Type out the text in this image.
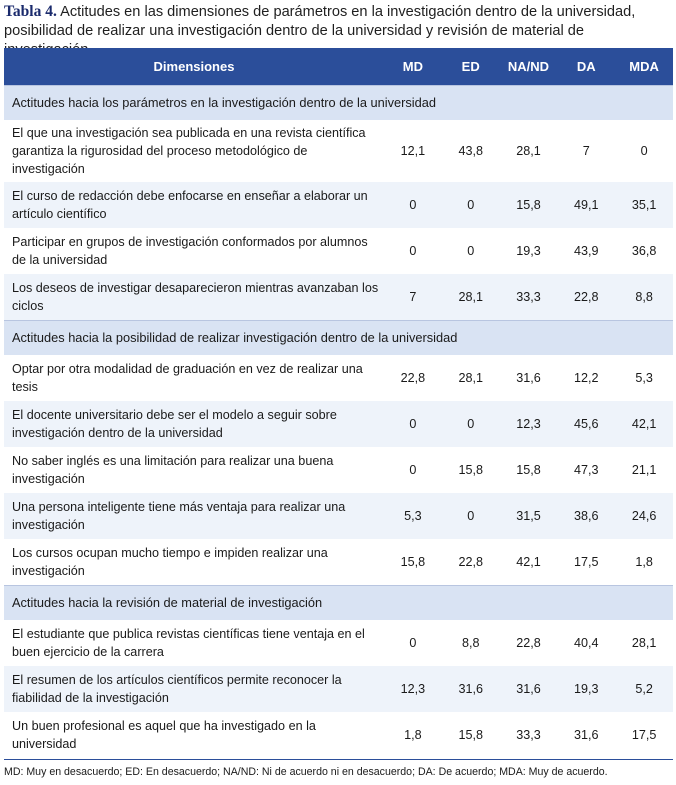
Tabla 4. Actitudes en las dimensiones de parámetros en la investigación dentro de la universidad, posibilidad de realizar una investigación dentro de la universidad y revisión de material de
Dimensiones	MD	ED	NA/ND	DA	MDA
Actitudes hacia los parámetros en la investigación dentro de la universidad					
El que una investigación sea publicada en una revista científica garantiza la rigurosidad del proceso metodológico de investigación	12,1	43,8	28,1	7	0
El curso de redacción debe enfocarse en enseñar a elaborar un artículo científico	0	0	15,8	49,1	35,1
Participar en grupos de investigación conformados por alumnos de la universidad	0	0	19,3	43,9	36,8
Los deseos de investigar desaparecieron mientras avanzaban los ciclos	7	28,1	33,3	22,8	8,8
Actitudes hacia la posibilidad de realizar investigación dentro de la universidad					
Optar por otra modalidad de graduación en vez de realizar una tesis	22,8	28,1	31,6	12,2	5,3
El docente universitario debe ser el modelo a seguir sobre investigación dentro de la universidad	0	0	12,3	45,6	42,1
No saber inglés es una limitación para realizar una buena investigación	0	15,8	15,8	47,3	21,1
Una persona inteligente tiene más ventaja para realizar una investigación	5,3	0	31,5	38,6	24,6
Los cursos ocupan mucho tiempo e impiden realizar una investigación	15,8	22,8	42,1	17,5	1,8
Actitudes hacia la revisión de material de investigación					
El estudiante que publica revistas científicas tiene ventaja en el buen ejercicio de la carrera	0	8,8	22,8	40,4	28,1
El resumen de los artículos científicos permite reconocer la fiabilidad de la investigación	12,3	31,6	31,6	19,3	5,2
Un buen profesional es aquel que ha investigado en la universidad	1,8	15,8	33,3	31,6	17,5
MD: Muy en desacuerdo; ED: En desacuerdo; NA/ND: Ni de acuerdo ni en desacuerdo; DA: De acuerdo; MDA: Muy de acuerdo.
